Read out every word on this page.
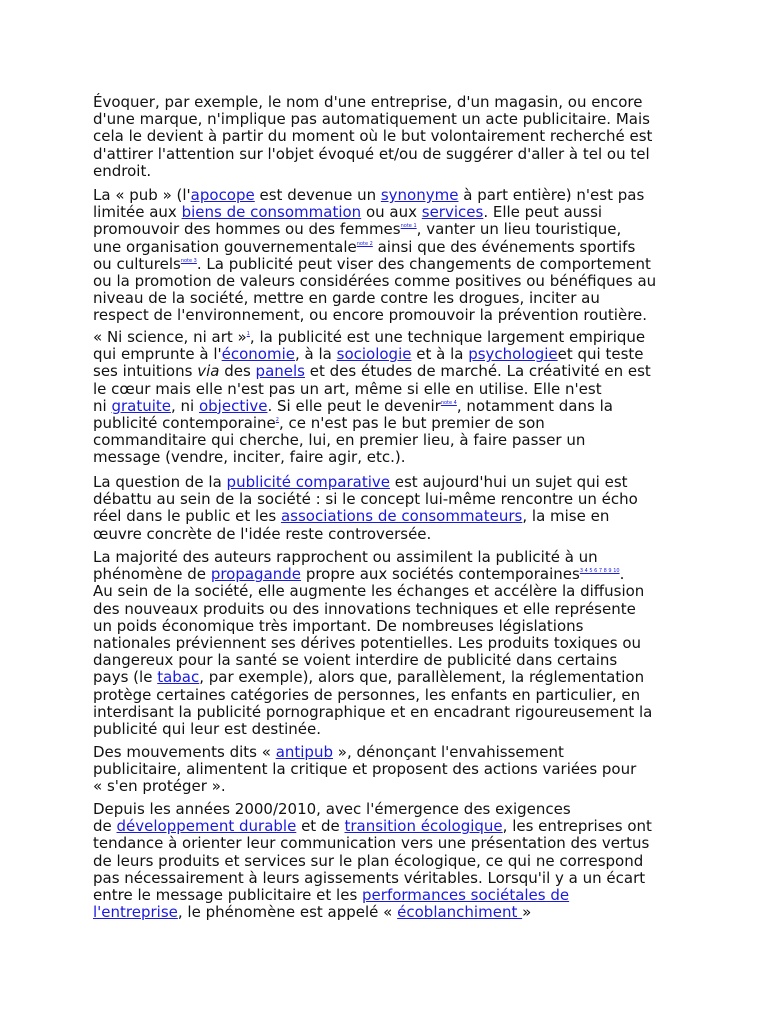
Évoquer, par exemple, le nom d'une entreprise, d'un magasin, ou encore
d'une marque, n'implique pas automatiquement un acte publicitaire. Mais
cela le devient à partir du moment où le but volontairement recherché est
d'attirer l'attention sur l'objet évoqué et/ou de suggérer d'aller à tel ou tel
endroit.

La « pub » (l'apocope est devenue un synonyme à part entière) n'est pas
limitée aux biens de consommation ou aux services. Elle peut aussi
promouvoir des hommes ou des femmes$^{note 1}$, vanter un lieu touristique,
une organisation gouvernementale$^{note 2}$ ainsi que des événements sportifs
ou culturels$^{note 3}$. La publicité peut viser des changements de comportement
ou la promotion de valeurs considérées comme positives ou bénéfiques au
niveau de la société, mettre en garde contre les drogues, inciter au
respect de l'environnement, ou encore promouvoir la prévention routière.

« Ni science, ni art »$^1$, la publicité est une technique largement empirique
qui emprunte à l'économie, à la sociologie et à la psychologieet qui teste
ses intuitions via des panels et des études de marché. La créativité en est
le cœur mais elle n'est pas un art, même si elle en utilise. Elle n'est
ni gratuite, ni objective. Si elle peut le devenir$^{note 4}$, notamment dans la
publicité contemporaine$^2$, ce n'est pas le but premier de son
commanditaire qui cherche, lui, en premier lieu, à faire passer un
message (vendre, inciter, faire agir, etc.).

La question de la publicité comparative est aujourd'hui un sujet qui est
débattu au sein de la société : si le concept lui-même rencontre un écho
réel dans le public et les associations de consommateurs, la mise en
œuvre concrète de l'idée reste controversée.

La majorité des auteurs rapprochent ou assimilent la publicité à un
phénomène de propagande propre aux sociétés contemporaines$^{3 4 5 6 7 8 9 10}$.
Au sein de la société, elle augmente les échanges et accélère la diffusion
des nouveaux produits ou des innovations techniques et elle représente
un poids économique très important. De nombreuses législations
nationales préviennent ses dérives potentielles. Les produits toxiques ou
dangereux pour la santé se voient interdire de publicité dans certains
pays (le tabac, par exemple), alors que, parallèlement, la réglementation
protège certaines catégories de personnes, les enfants en particulier, en
interdisant la publicité pornographique et en encadrant rigoureusement la
publicité qui leur est destinée.

Des mouvements dits « antipub », dénonçant l'envahissement
publicitaire, alimentent la critique et proposent des actions variées pour
« s'en protéger ».

Depuis les années 2000/2010, avec l'émergence des exigences
de développement durable et de transition écologique, les entreprises ont
tendance à orienter leur communication vers une présentation des vertus
de leurs produits et services sur le plan écologique, ce qui ne correspond
pas nécessairement à leurs agissements véritables. Lorsqu'il y a un écart
entre le message publicitaire et les performances sociétales de
l'entreprise, le phénomène est appelé « écoblanchiment »
